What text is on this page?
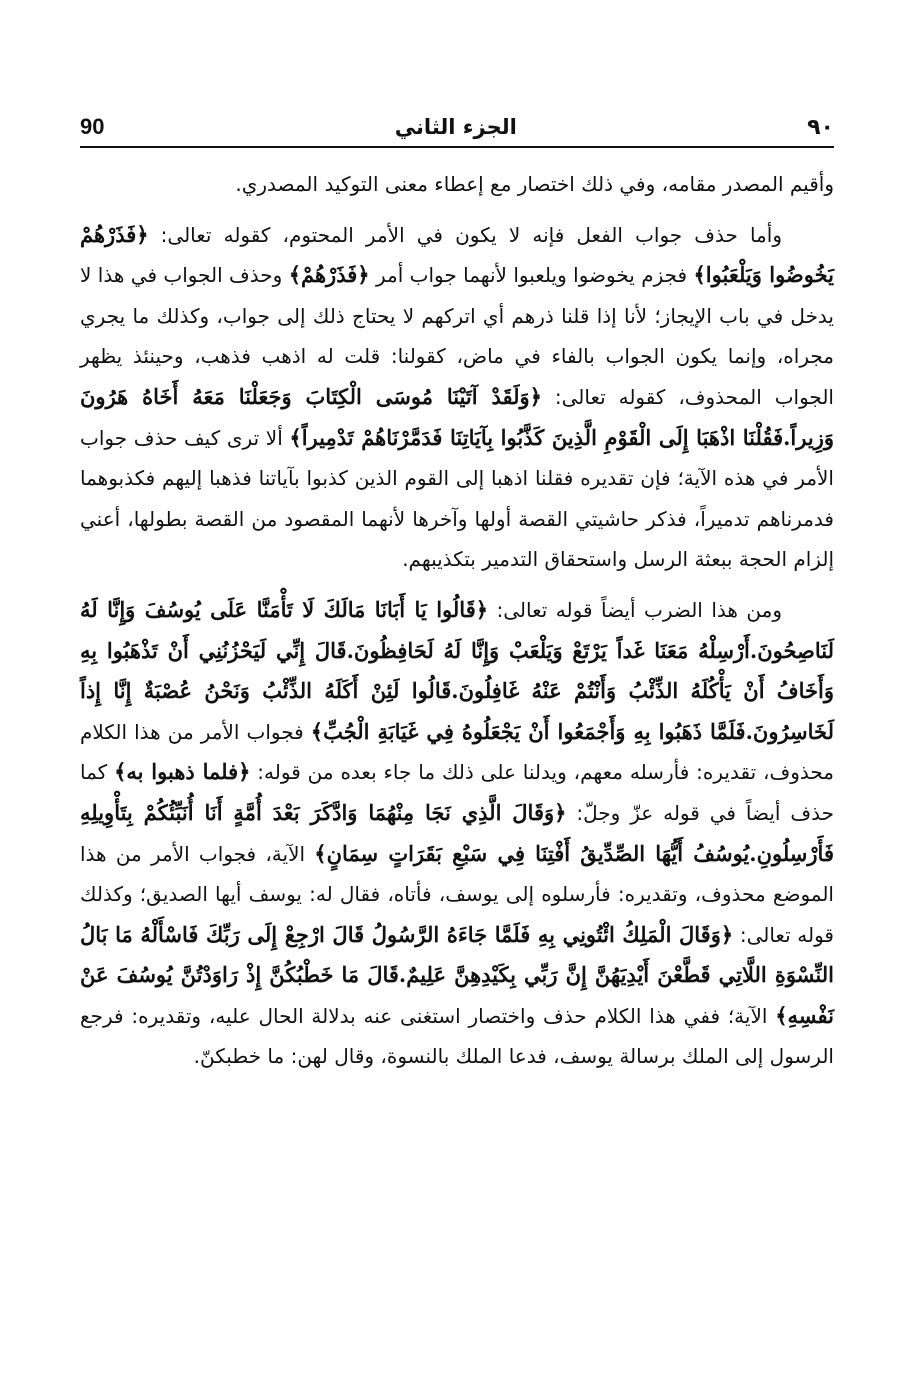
90	الجزء الثاني	٩٠

وأقيم المصدر مقامه، وفي ذلك اختصار مع إعطاء معنى التوكيد المصدري.

وأما حذف جواب الفعل فإنه لا يكون في الأمر المحتوم، كقوله تعالى: ﴿فَذَرْهُمْ يَخُوضُوا وَيَلْعَبُوا﴾ فجزم يخوضوا ويلعبوا لأنهما جواب أمر ﴿فَذَرْهُمْ﴾ وحذف الجواب في هذا لا يدخل في باب الإيجاز؛ لأنا إذا قلنا ذرهم أي اتركهم لا يحتاج ذلك إلى جواب، وكذلك ما يجري مجراه، وإنما يكون الجواب بالفاء في ماض، كقولنا: قلت له اذهب فذهب، وحينئذ يظهر الجواب المحذوف، كقوله تعالى: ﴿وَلَقَدْ آتَيْنَا مُوسَى الْكِتَابَ وَجَعَلْنَا مَعَهُ أَخَاهُ هَرُونَ وَزِيراً.فَقُلْنَا اذْهَبَا إِلَى الْقَوْمِ الَّذِينَ كَذَّبُوا بِآيَاتِنَا فَدَمَّرْنَاهُمْ تَدْمِيراً﴾ ألا ترى كيف حذف جواب الأمر في هذه الآية؛ فإن تقديره فقلنا اذهبا إلى القوم الذين كذبوا بآياتنا فذهبا إليهم فكذبوهما فدمرناهم تدميراً، فذكر حاشيتي القصة أولها وآخرها لأنهما المقصود من القصة بطولها، أعني إلزام الحجة ببعثة الرسل واستحقاق التدمير بتكذيبهم.

ومن هذا الضرب أيضاً قوله تعالى: ﴿قَالُوا يَا أَبَانَا مَالَكَ لَا تَأْمَنَّا عَلَى يُوسُفَ وَإِنَّا لَهُ لَنَاصِحُونَ.أَرْسِلْهُ مَعَنَا غَداً يَرْتَعْ وَيَلْعَبْ وَإِنَّا لَهُ لَحَافِظُونَ.قَالَ إِنِّي لَيَحْزُنُنِي أَنْ تَذْهَبُوا بِهِ وَأَخَافُ أَنْ يَأْكُلَهُ الذِّئْبُ وَأَنْتُمْ عَنْهُ غَافِلُونَ.قَالُوا لَئِنْ أَكَلَهُ الذِّئْبُ وَنَحْنُ عُصْبَةٌ إِنَّا إِذاً لَخَاسِرُونَ.فَلَمَّا ذَهَبُوا بِهِ وَأَجْمَعُوا أَنْ يَجْعَلُوهُ فِي غَيَابَةِ الْجُبِّ﴾ فجواب الأمر من هذا الكلام محذوف، تقديره: فأرسله معهم، ويدلنا على ذلك ما جاء بعده من قوله: ﴿فلما ذهبوا به﴾ كما حذف أيضاً في قوله عزّ وجلّ: ﴿وَقَالَ الَّذِي نَجَا مِنْهُمَا وَادَّكَرَ بَعْدَ أُمَّةٍ أَنَا أُنَبِّئُكُمْ بِتَأْوِيلِهِ فَأَرْسِلُونِ.يُوسُفُ أَيُّهَا الصِّدِّيقُ أَفْتِنَا فِي سَبْعِ بَقَرَاتٍ سِمَانٍ﴾ الآية، فجواب الأمر من هذا الموضع محذوف، وتقديره: فأرسلوه إلى يوسف، فأتاه، فقال له: يوسف أيها الصديق؛ وكذلك قوله تعالى: ﴿وَقَالَ الْمَلِكُ ائْتُونِي بِهِ فَلَمَّا جَاءَهُ الرَّسُولُ قَالَ ارْجِعْ إِلَى رَبِّكَ فَاسْأَلْهُ مَا بَالُ النِّسْوَةِ اللَّاتِي قَطَّعْنَ أَيْدِيَهُنَّ إِنَّ رَبِّي بِكَيْدِهِنَّ عَلِيمٌ.قَالَ مَا خَطْبُكُنَّ إِذْ رَاوَدْتُنَّ يُوسُفَ عَنْ نَفْسِهِ﴾ الآية؛ ففي هذا الكلام حذف واختصار استغنى عنه بدلالة الحال عليه، وتقديره: فرجع الرسول إلى الملك برسالة يوسف، فدعا الملك بالنسوة، وقال لهن: ما خطبكنّ.
